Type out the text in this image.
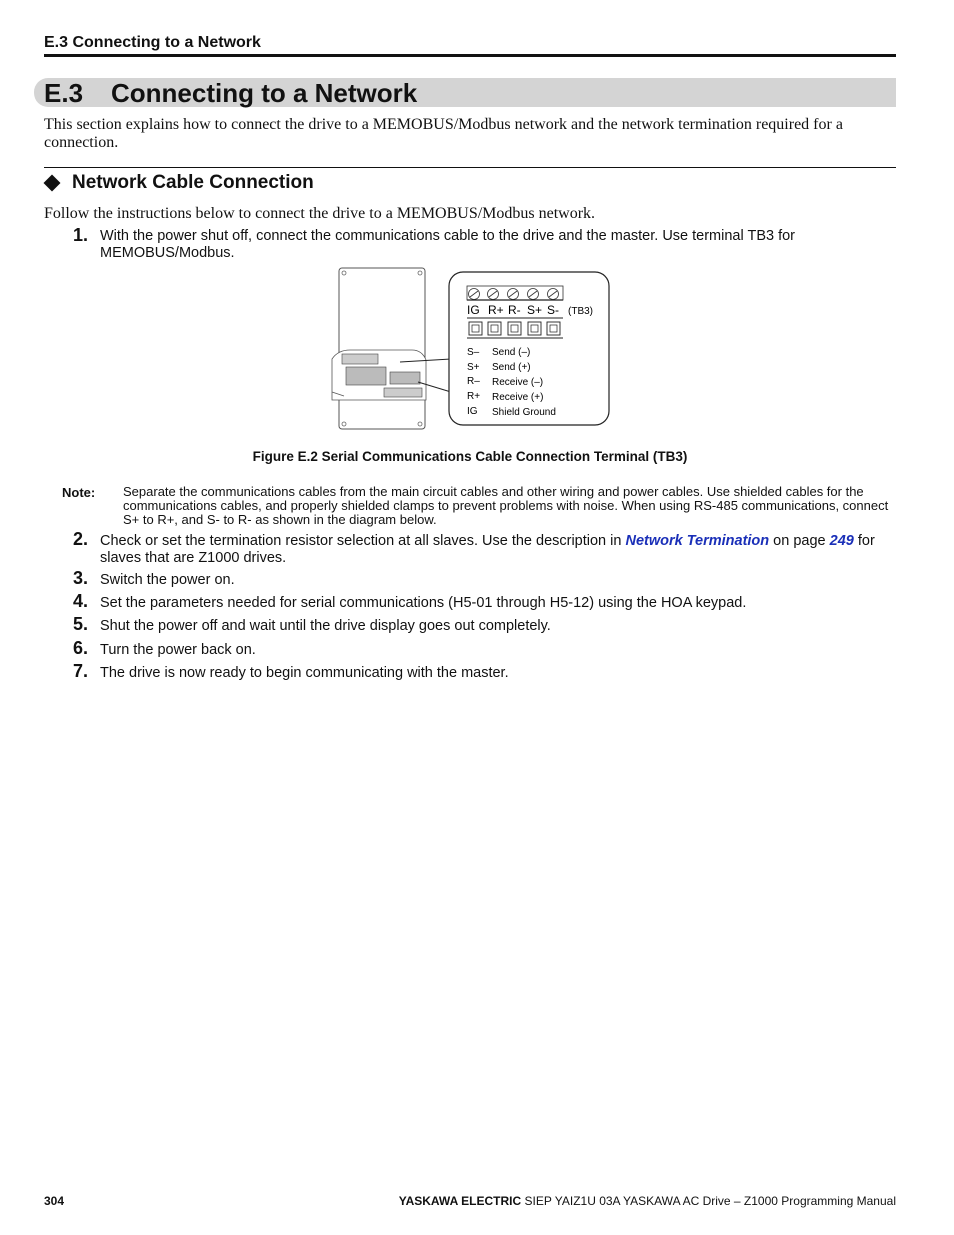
E.3 Connecting to a Network
E.3 Connecting to a Network
This section explains how to connect the drive to a MEMOBUS/Modbus network and the network termination required for a connection.
Network Cable Connection
Follow the instructions below to connect the drive to a MEMOBUS/Modbus network.
1. With the power shut off, connect the communications cable to the drive and the master. Use terminal TB3 for MEMOBUS/Modbus.
IG R+ R- S+ S- (TB3)
S– Send (–)
S+ Send (+)
R– Receive (–)
R+ Receive (+)
IG Shield Ground
Figure E.2 Serial Communications Cable Connection Terminal (TB3)
Note: Separate the communications cables from the main circuit cables and other wiring and power cables. Use shielded cables for the communications cables, and properly shielded clamps to prevent problems with noise. When using RS-485 communications, connect S+ to R+, and S- to R- as shown in the diagram below.
2. Check or set the termination resistor selection at all slaves. Use the description in Network Termination on page 249 for slaves that are Z1000 drives.
3. Switch the power on.
4. Set the parameters needed for serial communications (H5-01 through H5-12) using the HOA keypad.
5. Shut the power off and wait until the drive display goes out completely.
6. Turn the power back on.
7. The drive is now ready to begin communicating with the master.
304	YASKAWA ELECTRIC SIEP YAIZ1U 03A YASKAWA AC Drive – Z1000 Programming Manual
